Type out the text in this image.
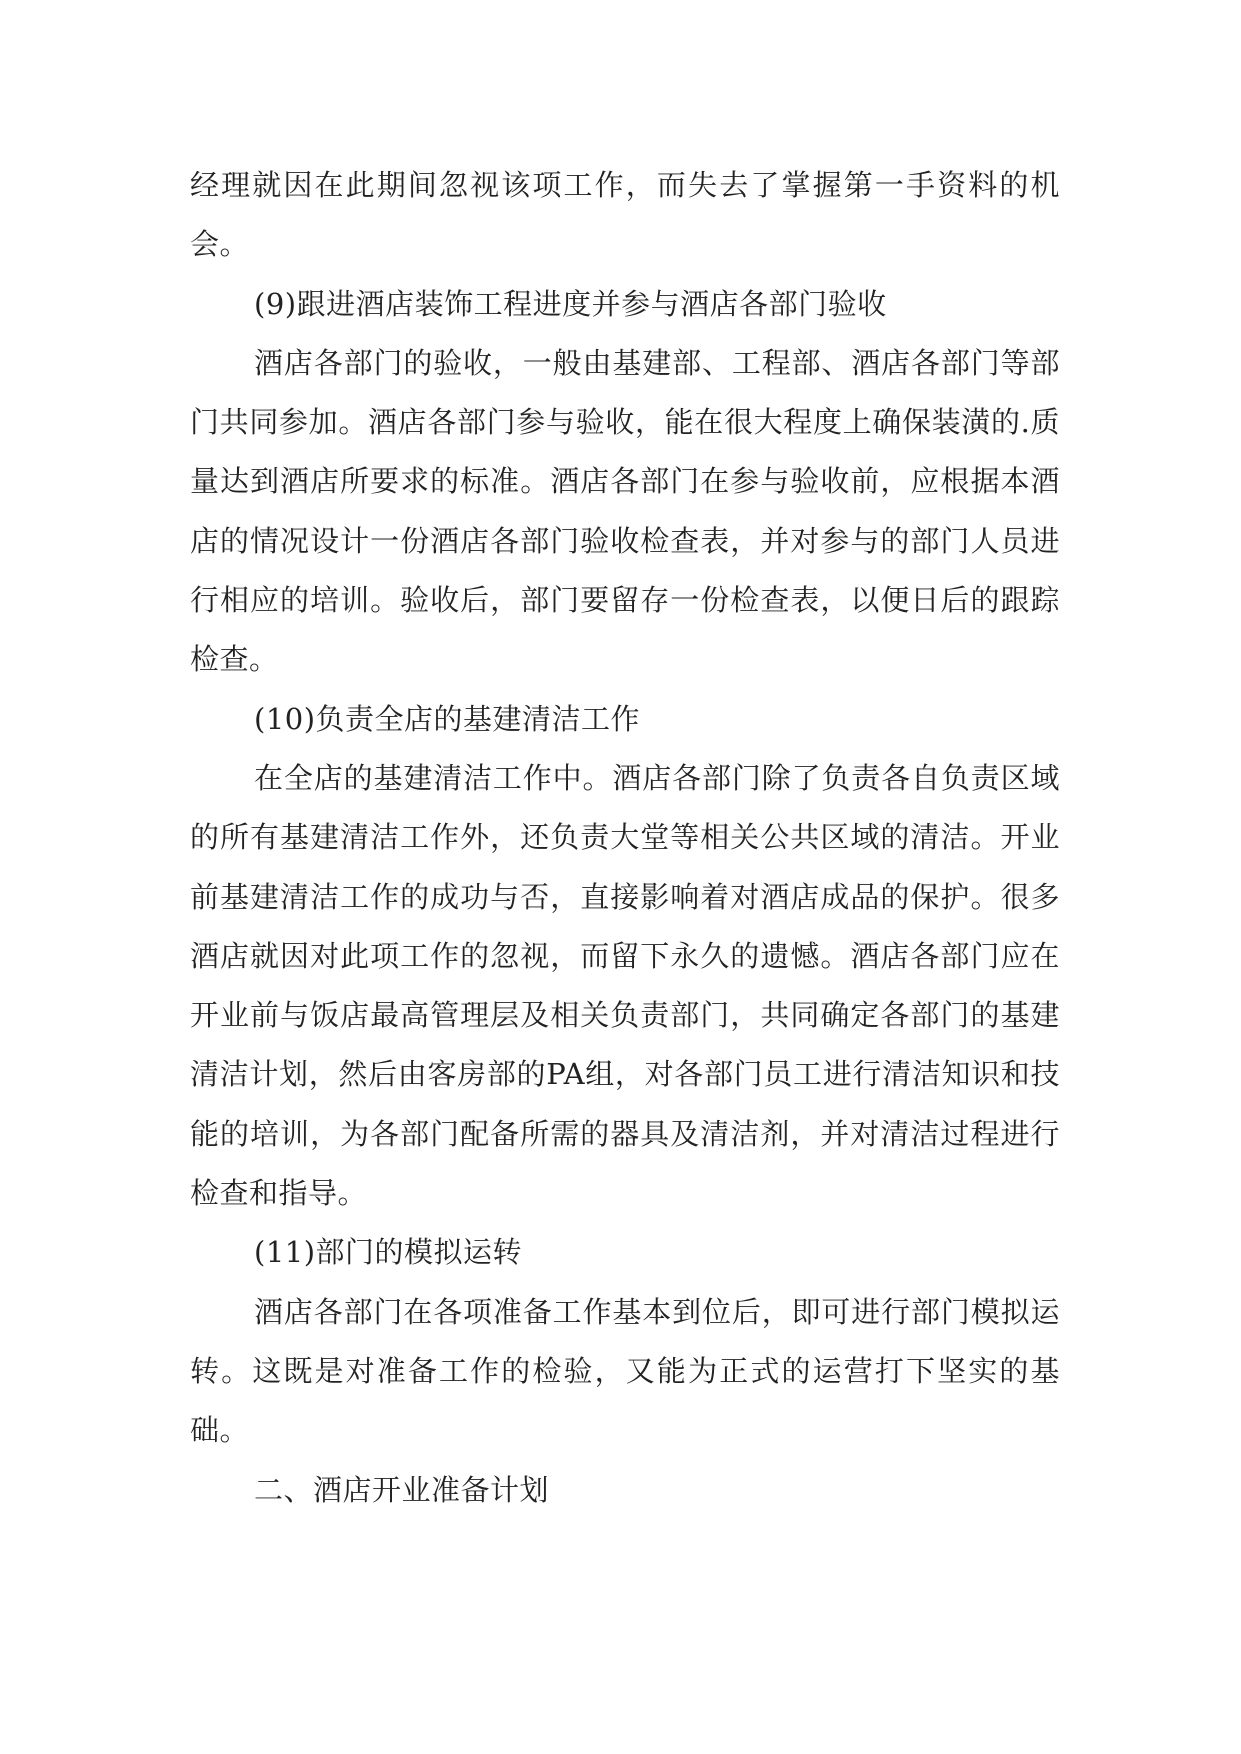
经理就因在此期间忽视该项工作，而失去了掌握第一手资料的机会。

(9)跟进酒店装饰工程进度并参与酒店各部门验收

酒店各部门的验收，一般由基建部、工程部、酒店各部门等部门共同参加。酒店各部门参与验收，能在很大程度上确保装潢的.质量达到酒店所要求的标准。酒店各部门在参与验收前，应根据本酒店的情况设计一份酒店各部门验收检查表，并对参与的部门人员进行相应的培训。验收后，部门要留存一份检查表，以便日后的跟踪检查。

(10)负责全店的基建清洁工作

在全店的基建清洁工作中。酒店各部门除了负责各自负责区域的所有基建清洁工作外，还负责大堂等相关公共区域的清洁。开业前基建清洁工作的成功与否，直接影响着对酒店成品的保护。很多酒店就因对此项工作的忽视，而留下永久的遗憾。酒店各部门应在开业前与饭店最高管理层及相关负责部门，共同确定各部门的基建清洁计划，然后由客房部的PA组，对各部门员工进行清洁知识和技能的培训，为各部门配备所需的器具及清洁剂，并对清洁过程进行检查和指导。

(11)部门的模拟运转

酒店各部门在各项准备工作基本到位后，即可进行部门模拟运转。这既是对准备工作的检验，又能为正式的运营打下坚实的基础。

二、酒店开业准备计划
